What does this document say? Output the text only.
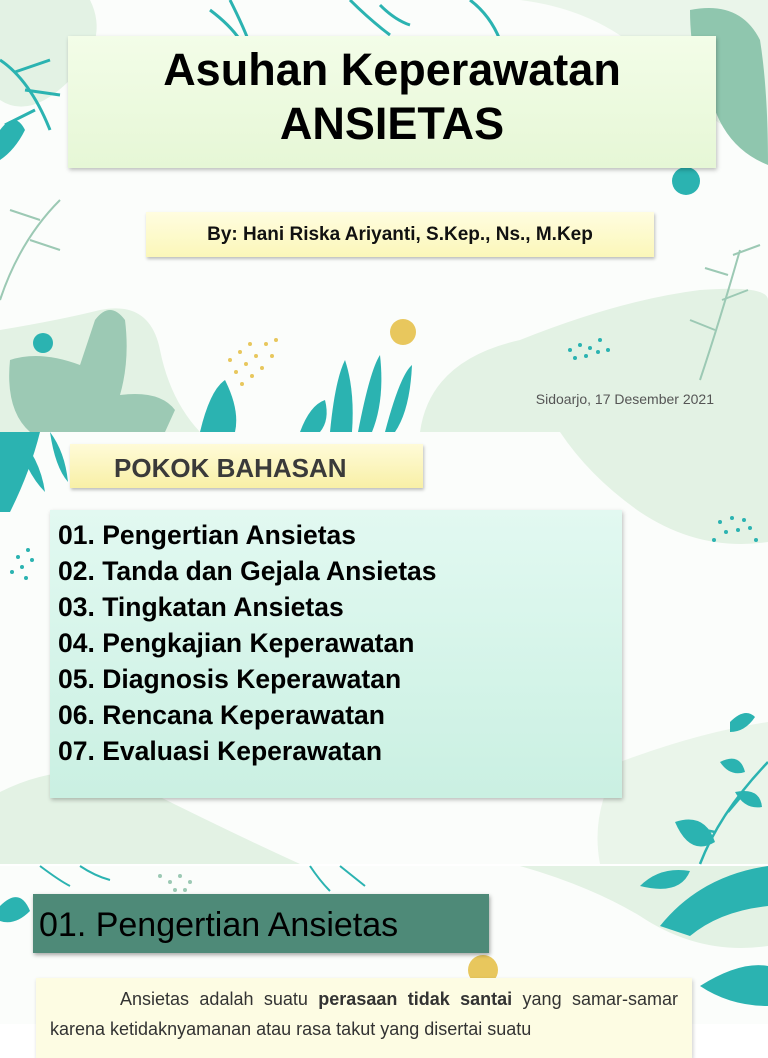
Asuhan Keperawatan
ANSIETAS
By: Hani Riska Ariyanti, S.Kep., Ns., M.Kep
Sidoarjo, 17 Desember 2021
POKOK BAHASAN
01. Pengertian Ansietas
02. Tanda dan Gejala Ansietas
03. Tingkatan Ansietas
04. Pengkajian Keperawatan
05. Diagnosis Keperawatan
06. Rencana Keperawatan
07. Evaluasi Keperawatan
01. Pengertian Ansietas
Ansietas adalah suatu perasaan tidak santai yang samar-samar karena ketidaknyamanan atau rasa takut yang disertai suatu
